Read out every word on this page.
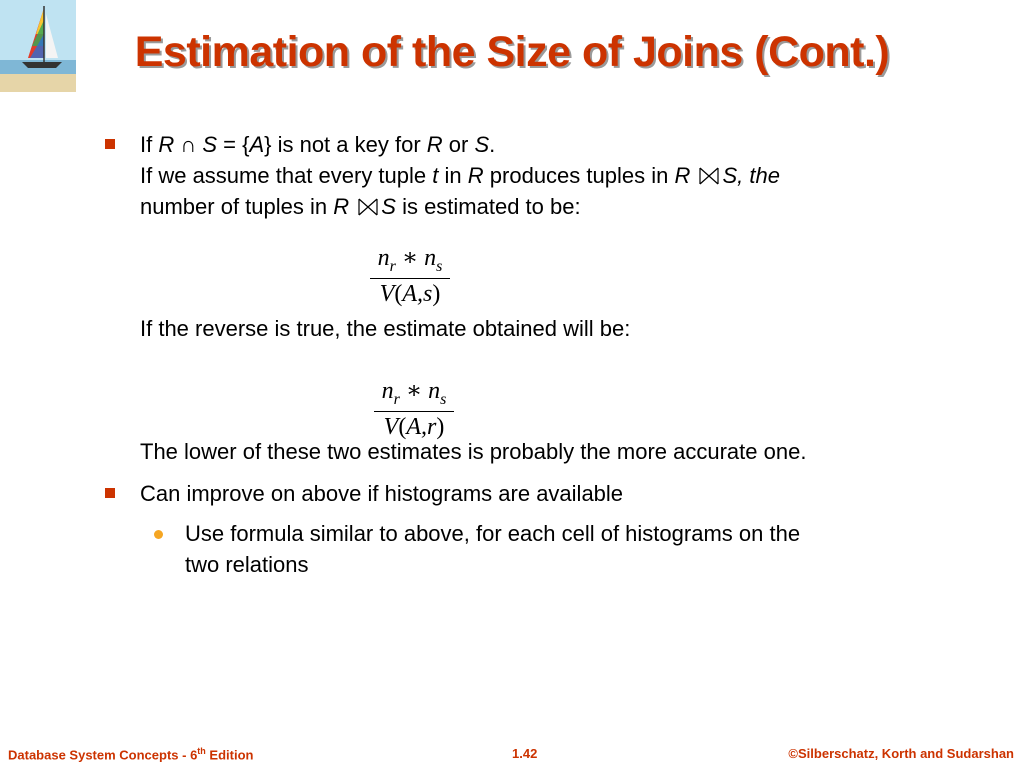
Estimation of the Size of Joins (Cont.)
If R ∩ S = {A} is not a key for R or S.
If we assume that every tuple t in R produces tuples in R S, the
number of tuples in R S is estimated to be:
$n_r$ ∗ $n_s$
V(A,s)
If the reverse is true, the estimate obtained will be:
$n_r$ ∗ $n_s$
V(A,r)
The lower of these two estimates is probably the more accurate one.
Can improve on above if histograms are available
Use formula similar to above, for each cell of histograms on the
two relations
Database System Concepts - 6th Edition	1.42	©Silberschatz, Korth and Sudarshan
